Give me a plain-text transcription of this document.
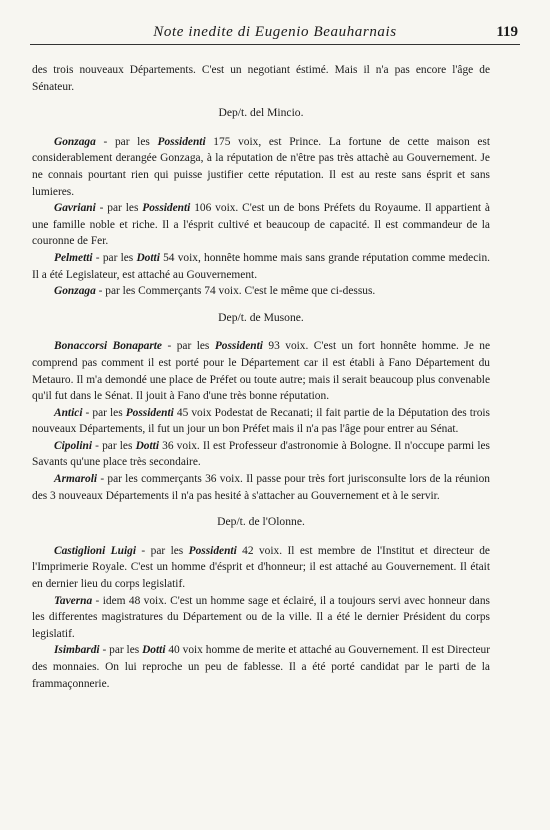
Note inedite di Eugenio Beauharnais	119

des trois nouveaux Départements. C'est un negotiant éstimé. Mais il n'a pas encore l'âge de Sénateur.

Dep/t. del Mincio.

Gonzaga - par les Possidenti 175 voix, est Prince. La fortune de cette maison est considerablement derangée Gonzaga, à la réputation de n'être pas très attachè au Gouvernement. Je ne connais pourtant rien qui puisse justifier cette réputation. Il est au reste sans ésprit et sans lumieres.

Gavriani - par les Possidenti 106 voix. C'est un de bons Préfets du Royaume. Il appartient à une famille noble et riche. Il a l'ésprit cultivé et beaucoup de capacité. Il est commandeur de la couronne de Fer.

Pelmetti - par les Dotti 54 voix, honnête homme mais sans grande réputation comme medecin. Il a été Legislateur, est attaché au Gouvernement.

Gonzaga - par les Commerçants 74 voix. C'est le même que ci-dessus.

Dep/t. de Musone.

Bonaccorsi Bonaparte - par les Possidenti 93 voix. C'est un fort honnête homme. Je ne comprend pas comment il est porté pour le Département car il est établi à Fano Département du Metauro. Il m'a demondé une place de Préfet ou toute autre; mais il serait beaucoup plus convenable qu'il fut dans le Sénat. Il jouit à Fano d'une très bonne réputation.

Antici - par les Possidenti 45 voix Podestat de Recanati; il fait partie de la Députation des trois nouveaux Départements, il fut un jour un bon Préfet mais il n'a pas l'âge pour entrer au Sénat.

Cipolini - par les Dotti 36 voix. Il est Professeur d'astronomie à Bologne. Il n'occupe parmi les Savants qu'une place très secondaire.

Armaroli - par les commerçants 36 voix. Il passe pour très fort jurisconsulte lors de la réunion des 3 nouveaux Départements il n'a pas hesité à s'attacher au Gouvernement et à le servir.

Dep/t. de l'Olonne.

Castiglioni Luigi - par les Possidenti 42 voix. Il est membre de l'Institut et directeur de l'Imprimerie Royale. C'est un homme d'ésprit et d'honneur; il est attaché au Gouvernement. Il était en dernier lieu du corps legislatif.

Taverna - idem 48 voix. C'est un homme sage et éclairé, il a toujours servi avec honneur dans les differentes magistratures du Département ou de la ville. Il a été le dernier Président du corps legislatif.

Isimbardi - par les Dotti 40 voix homme de merite et attaché au Gouvernement. Il est Directeur des monnaies. On lui reproche un peu de fablesse. Il a été porté candidat par le parti de la frammaçonnerie.
